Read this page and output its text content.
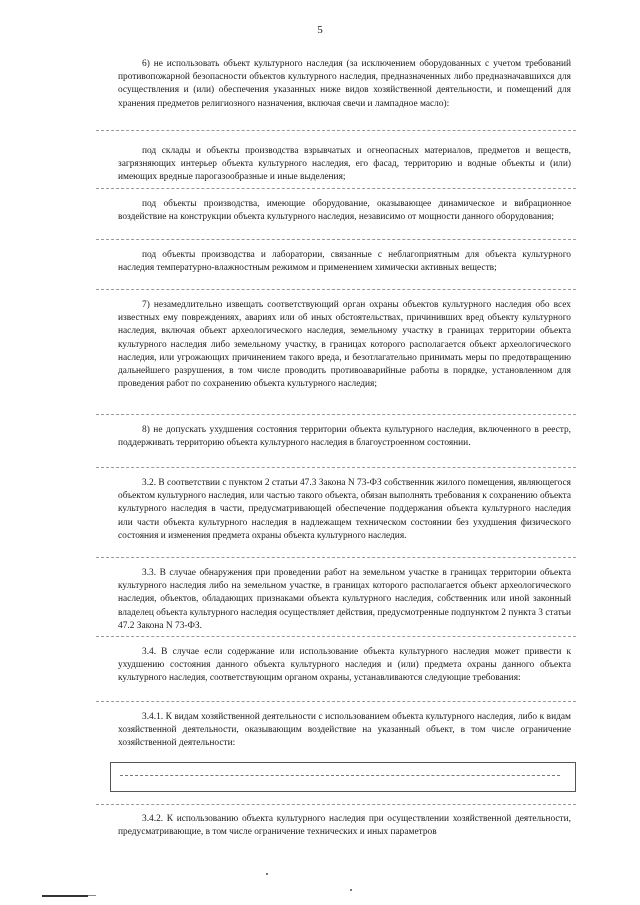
5

6) не использовать объект культурного наследия (за исключением оборудованных с учетом требований противопожарной безопасности объектов культурного наследия, предназначенных либо предназначавшихся для осуществления и (или) обеспечения указанных ниже видов хозяйственной деятельности, и помещений для хранения предметов религиозного назначения, включая свечи и лампадное масло):

под склады и объекты производства взрывчатых и огнеопасных материалов, предметов и веществ, загрязняющих интерьер объекта культурного наследия, его фасад, территорию и водные объекты и (или) имеющих вредные парогазообразные и иные выделения;

под объекты производства, имеющие оборудование, оказывающее динамическое и вибрационное воздействие на конструкции объекта культурного наследия, независимо от мощности данного оборудования;

под объекты производства и лаборатории, связанные с неблагоприятным для объекта культурного наследия температурно-влажностным режимом и применением химически активных веществ;

7) незамедлительно извещать соответствующий орган охраны объектов культурного наследия обо всех известных ему повреждениях, авариях или об иных обстоятельствах, причинивших вред объекту культурного наследия, включая объект археологического наследия, земельному участку в границах территории объекта культурного наследия либо земельному участку, в границах которого располагается объект археологического наследия, или угрожающих причинением такого вреда, и безотлагательно принимать меры по предотвращению дальнейшего разрушения, в том числе проводить противоаварийные работы в порядке, установленном для проведения работ по сохранению объекта культурного наследия;

8) не допускать ухудшения состояния территории объекта культурного наследия, включенного в реестр, поддерживать территорию объекта культурного наследия в благоустроенном состоянии.

3.2. В соответствии с пунктом 2 статьи 47.3 Закона N 73-ФЗ собственник жилого помещения, являющегося объектом культурного наследия, или частью такого объекта, обязан выполнять требования к сохранению объекта культурного наследия в части, предусматривающей обеспечение поддержания объекта культурного наследия или части объекта культурного наследия в надлежащем техническом состоянии без ухудшения физического состояния и изменения предмета охраны объекта культурного наследия.

3.3. В случае обнаружения при проведении работ на земельном участке в границах территории объекта культурного наследия либо на земельном участке, в границах которого располагается объект археологического наследия, объектов, обладающих признаками объекта культурного наследия, собственник или иной законный владелец объекта культурного наследия осуществляет действия, предусмотренные подпунктом 2 пункта 3 статьи 47.2 Закона N 73-ФЗ.

3.4. В случае если содержание или использование объекта культурного наследия может привести к ухудшению состояния данного объекта культурного наследия и (или) предмета охраны данного объекта культурного наследия, соответствующим органом охраны, устанавливаются следующие требования:

3.4.1. К видам хозяйственной деятельности с использованием объекта культурного наследия, либо к видам хозяйственной деятельности, оказывающим воздействие на указанный объект, в том числе ограничение хозяйственной деятельности:

3.4.2. К использованию объекта культурного наследия при осуществлении хозяйственной деятельности, предусматривающие, в том числе ограничение технических и иных параметров
